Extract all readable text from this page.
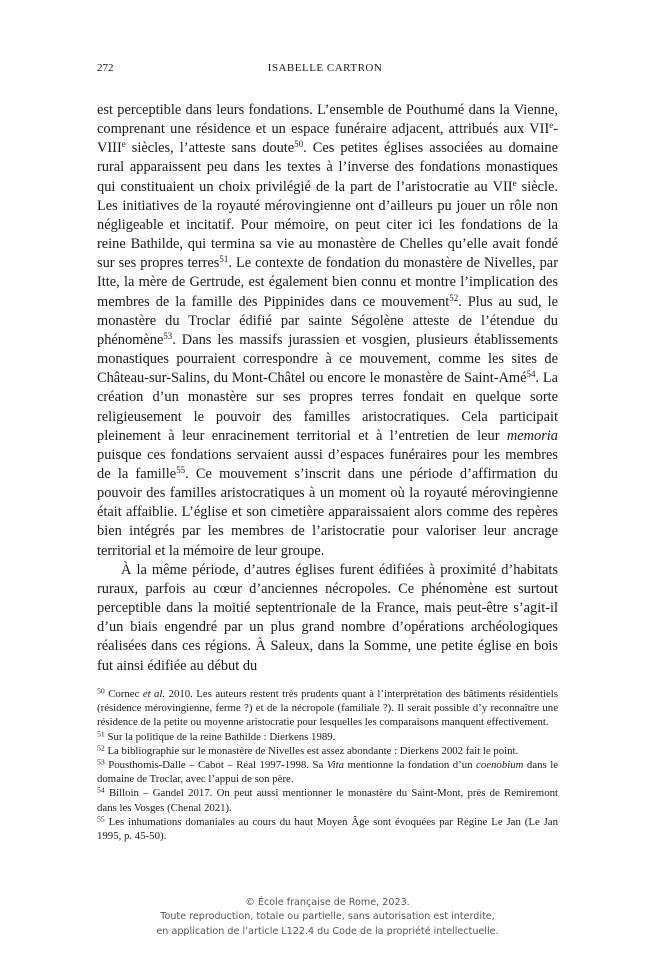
272	ISABELLE CARTRON

est perceptible dans leurs fondations. L’ensemble de Pouthumé dans la Vienne, comprenant une résidence et un espace funéraire adjacent, attribués aux VIIe-VIIIe siècles, l’atteste sans doute$^{50}$. Ces petites églises associées au domaine rural apparaissent peu dans les textes à l’inverse des fondations monastiques qui constituaient un choix privilégié de la part de l’aristocratie au VIIe siècle. Les initiatives de la royauté mérovingienne ont d’ailleurs pu jouer un rôle non négligeable et incitatif. Pour mémoire, on peut citer ici les fondations de la reine Bathilde, qui termina sa vie au monastère de Chelles qu’elle avait fondé sur ses propres terres$^{51}$. Le contexte de fondation du monastère de Nivelles, par Itte, la mère de Gertrude, est également bien connu et montre l’implication des membres de la famille des Pippinides dans ce mouvement$^{52}$. Plus au sud, le monastère du Troclar édifié par sainte Ségolène atteste de l’étendue du phénomène$^{53}$. Dans les massifs jurassien et vosgien, plusieurs établissements monastiques pourraient correspondre à ce mouvement, comme les sites de Château-sur-Salins, du Mont-Châtel ou encore le monastère de Saint-Amé$^{54}$. La création d’un monastère sur ses propres terres fondait en quelque sorte religieusement le pouvoir des familles aristocratiques. Cela participait pleinement à leur enracinement territorial et à l’entretien de leur memoria puisque ces fondations servaient aussi d’espaces funéraires pour les membres de la famille$^{55}$. Ce mouvement s’inscrit dans une période d’affirmation du pouvoir des familles aristocratiques à un moment où la royauté mérovingienne était affaiblie. L’église et son cimetière apparaissaient alors comme des repères bien intégrés par les membres de l’aristocratie pour valoriser leur ancrage territorial et la mémoire de leur groupe.

À la même période, d’autres églises furent édifiées à proximité d’habitats ruraux, parfois au cœur d’anciennes nécropoles. Ce phénomène est surtout perceptible dans la moitié septentrionale de la France, mais peut-être s’agit-il d’un biais engendré par un plus grand nombre d’opérations archéologiques réalisées dans ces régions. À Saleux, dans la Somme, une petite église en bois fut ainsi édifiée au début du

$^{50}$ Cornec et al. 2010. Les auteurs restent très prudents quant à l’interprétation des bâtiments résidentiels (résidence mérovingienne, ferme ?) et de la nécropole (familiale ?). Il serait possible d’y reconnaître une résidence de la petite ou moyenne aristocratie pour lesquelles les comparaisons manquent effectivement.

$^{51}$ Sur la politique de la reine Bathilde : Dierkens 1989.

$^{52}$ La bibliographie sur le monastère de Nivelles est assez abondante : Dierkens 2002 fait le point.

$^{53}$ Pousthomis-Dalle – Cabot – Réal 1997-1998. Sa Vita mentionne la fondation d’un coenobium dans le domaine de Troclar, avec l’appui de son père.

$^{54}$ Billoin – Gandel 2017. On peut aussi mentionner le monastère du Saint-Mont, près de Remiremont dans les Vosges (Chenal 2021).

$^{55}$ Les inhumations domaniales au cours du haut Moyen Âge sont évoquées par Régine Le Jan (Le Jan 1995, p. 45-50).

© École française de Rome, 2023.
Toute reproduction, totale ou partielle, sans autorisation est interdite,
en application de l’article L122.4 du Code de la propriété intellectuelle.
